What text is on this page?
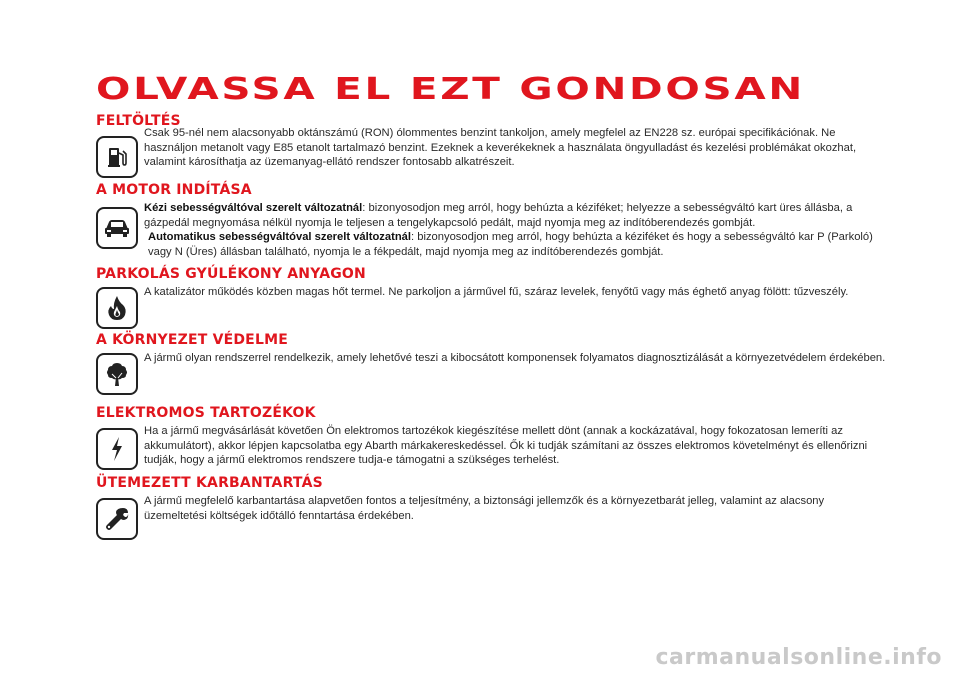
OLVASSA EL EZT GONDOSAN
FELTÖLTÉS

Csak 95-nél nem alacsonyabb oktánszámú (RON) ólommentes benzint tankoljon, amely megfelel az EN228 sz. európai specifikációnak. Ne használjon metanolt vagy E85 etanolt tartalmazó benzint. Ezeknek a keverékeknek a használata öngyulladást és kezelési problémákat okozhat, valamint károsíthatja az üzemanyag-ellátó rendszer fontosabb alkatrészeit.

A MOTOR INDÍTÁSA

Kézi sebességváltóval szerelt változatnál: bizonyosodjon meg arról, hogy behúzta a kéziféket; helyezze a sebességváltó kart üres állásba, a gázpedál megnyomása nélkül nyomja le teljesen a tengelykapcsoló pedált, majd nyomja meg az indítóberendezés gombját.

Automatikus sebességváltóval szerelt változatnál: bizonyosodjon meg arról, hogy behúzta a kéziféket és hogy a sebességváltó kar P (Parkoló) vagy N (Üres) állásban található, nyomja le a fékpedált, majd nyomja meg az indítóberendezés gombját.

PARKOLÁS GYÚLÉKONY ANYAGON

A katalizátor működés közben magas hőt termel. Ne parkoljon a járművel fű, száraz levelek, fenyőtű vagy más éghető anyag fölött: tűzveszély.

A KÖRNYEZET VÉDELME

A jármű olyan rendszerrel rendelkezik, amely lehetővé teszi a kibocsátott komponensek folyamatos diagnosztizálását a környezetvédelem érdekében.

ELEKTROMOS TARTOZÉKOK

Ha a jármű megvásárlását követően Ön elektromos tartozékok kiegészítése mellett dönt (annak a kockázatával, hogy fokozatosan lemeríti az akkumulátort), akkor lépjen kapcsolatba egy Abarth márkakereskedéssel. Ők ki tudják számítani az összes elektromos követelményt és ellenőrizni tudják, hogy a jármű elektromos rendszere tudja-e támogatni a szükséges terhelést.

ÜTEMEZETT KARBANTARTÁS

A jármű megfelelő karbantartása alapvetően fontos a teljesítmény, a biztonsági jellemzők és a környezetbarát jelleg, valamint az alacsony üzemeltetési költségek időtálló fenntartása érdekében.

carmanualsonline.info
